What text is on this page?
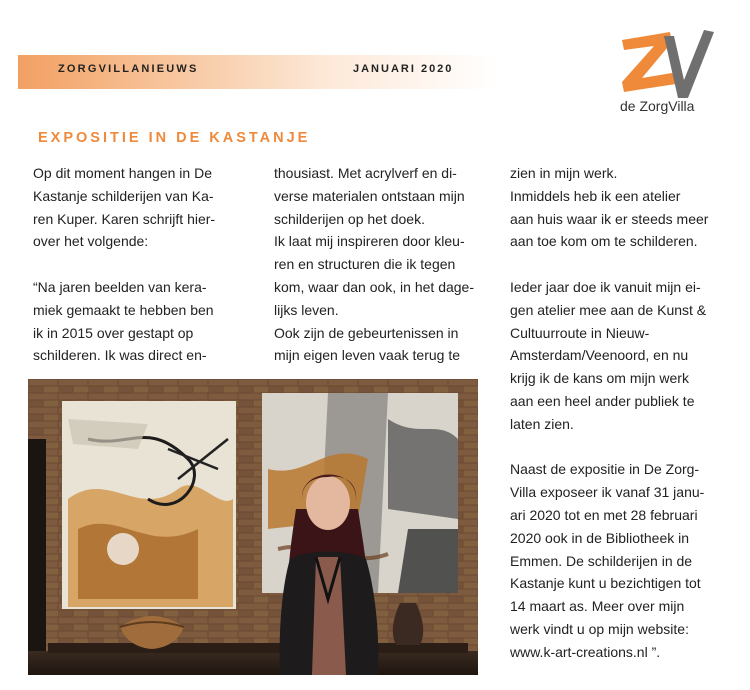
ZORGVILLANIEUWS	JANUARI 2020
de ZorgVilla
EXPOSITIE IN DE KASTANJE

Op dit moment hangen in De

Kastanje schilderijen van Ka-

ren Kuper. Karen schrijft hier-

over het volgende:

“Na jaren beelden van kera-

miek gemaakt te hebben ben

ik in 2015 over gestapt op

schilderen. Ik was direct en-

thousiast. Met acrylverf en di-

verse materialen ontstaan mijn

schilderijen op het doek.

Ik laat mij inspireren door kleu-

ren en structuren die ik tegen

kom, waar dan ook, in het dage-

lijks leven.

Ook zijn de gebeurtenissen in

mijn eigen leven vaak terug te

zien in mijn werk.

Inmiddels heb ik een atelier

aan huis waar ik er steeds meer

aan toe kom om te schilderen.

Ieder jaar doe ik vanuit mijn ei-

gen atelier mee aan de Kunst &

Cultuurroute in Nieuw-

Amsterdam/Veenoord, en nu

krijg ik de kans om mijn werk

aan een heel ander publiek te

laten zien.

Naast de expositie in De Zorg-

Villa exposeer ik vanaf 31 janu-

ari 2020 tot en met 28 februari

2020 ook in de Bibliotheek in

Emmen. De schilderijen in de

Kastanje kunt u bezichtigen tot

14 maart as. Meer over mijn

werk vindt u op mijn website:

www.k-art-creations.nl ”.
